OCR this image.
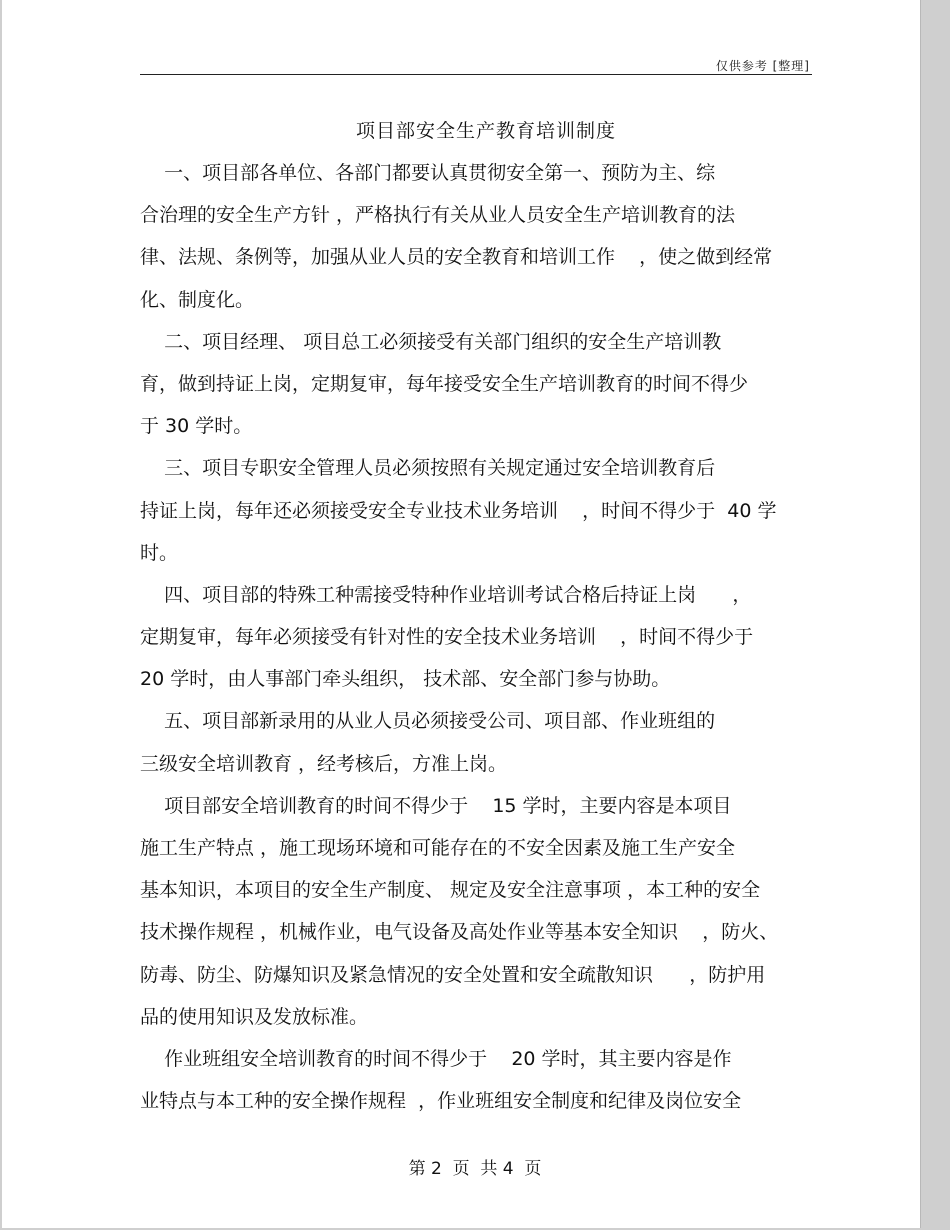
仅供参考 [整理]
项目部安全生产教育培训制度
一、项目部各单位、各部门都要认真贯彻安全第一、预防为主、综
合治理的安全生产方针 ，严格执行有关从业人员安全生产培训教育的法
律、法规、条例等，加强从业人员的安全教育和培训工作    ，使之做到经常
化、制度化。
二、项目经理、 项目总工必须接受有关部门组织的安全生产培训教
育，做到持证上岗，定期复审，每年接受安全生产培训教育的时间不得少
于 30 学时。
三、项目专职安全管理人员必须按照有关规定通过安全培训教育后
持证上岗，每年还必须接受安全专业技术业务培训    ，时间不得少于  40 学
时。
四、项目部的特殊工种需接受特种作业培训考试合格后持证上岗      ，
定期复审，每年必须接受有针对性的安全技术业务培训    ，时间不得少于
20 学时，由人事部门牵头组织， 技术部、安全部门参与协助。
五、项目部新录用的从业人员必须接受公司、项目部、作业班组的
三级安全培训教育 ，经考核后，方准上岗。
项目部安全培训教育的时间不得少于    15 学时，主要内容是本项目
施工生产特点 ，施工现场环境和可能存在的不安全因素及施工生产安全
基本知识，本项目的安全生产制度、 规定及安全注意事项 ，本工种的安全
技术操作规程 ，机械作业，电气设备及高处作业等基本安全知识    ，防火、
防毒、防尘、防爆知识及紧急情况的安全处置和安全疏散知识      ，防护用
品的使用知识及发放标准。
作业班组安全培训教育的时间不得少于    20 学时，其主要内容是作
业特点与本工种的安全操作规程  ，作业班组安全制度和纪律及岗位安全
第 2  页  共 4  页
